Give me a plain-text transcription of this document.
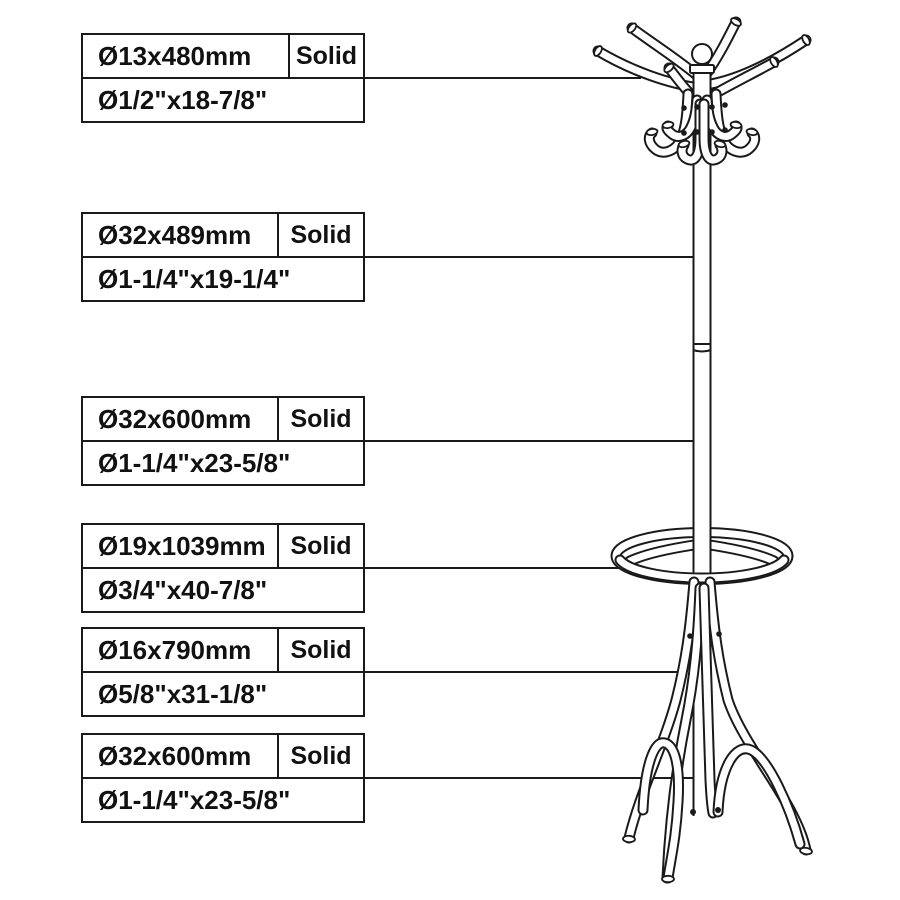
Ø13x480mm	Solid
Ø1/2"x18-7/8"
Ø32x489mm	Solid
Ø1-1/4"x19-1/4"
Ø32x600mm	Solid
Ø1-1/4"x23-5/8"
Ø19x1039mm Solid
Ø3/4"x40-7/8"
Ø16x790mm	Solid
Ø5/8"x31-1/8"
Ø32x600mm	Solid
Ø1-1/4"x23-5/8"
